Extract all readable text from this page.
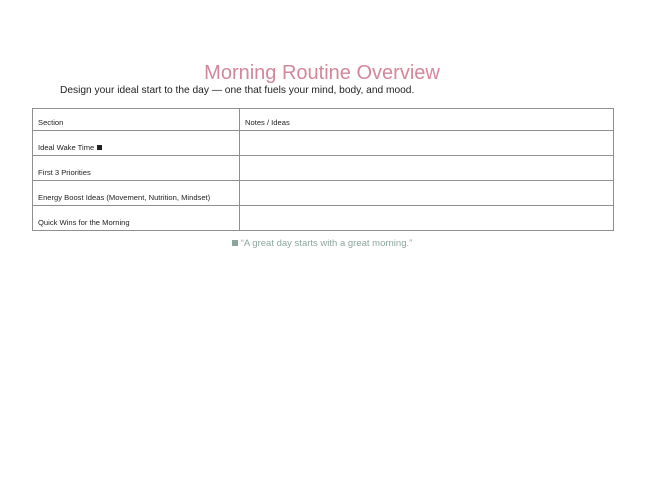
Morning Routine Overview

Design your ideal start to the day — one that fuels your mind, body, and mood.

Section	Notes / Ideas
Ideal Wake Time	
First 3 Priorities	
Energy Boost Ideas (Movement, Nutrition, Mindset)	
Quick Wins for the Morning	

“A great day starts with a great morning.”
